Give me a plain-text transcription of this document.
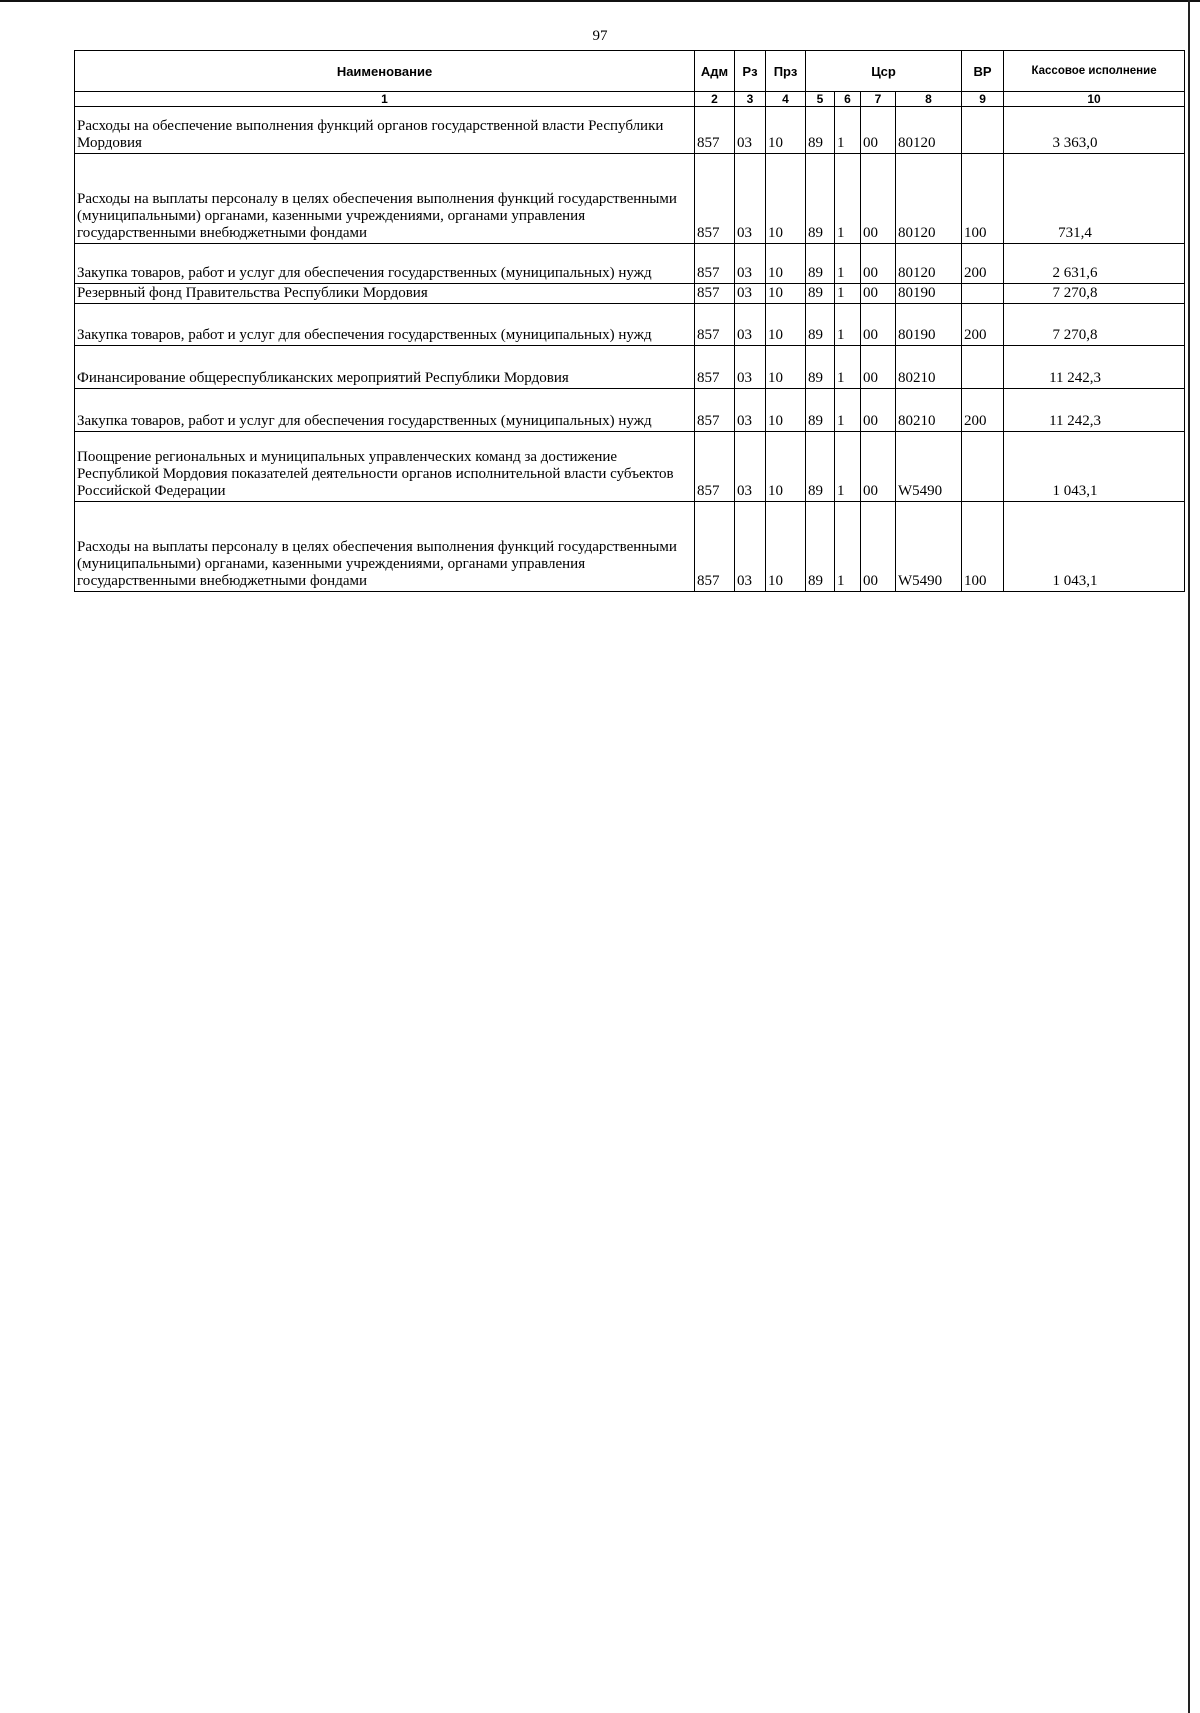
97
Наименование	Адм	Рз	Прз	Цср				ВР	Кассовое исполнение
1	2	3	4	5	6	7	8	9	10
Расходы на обеспечение выполнения функций органов государственной власти Республики Мордовия	857	03	10	89	1	00	80120		3 363,0
Расходы на выплаты персоналу в целях обеспечения выполнения функций государственными (муниципальными) органами, казенными учреждениями, органами управления государственными внебюджетными фондами	857	03	10	89	1	00	80120	100	731,4
Закупка товаров, работ и услуг для обеспечения государственных (муниципальных) нужд	857	03	10	89	1	00	80120	200	2 631,6
Резервный фонд Правительства Республики Мордовия	857	03	10	89	1	00	80190		7 270,8
Закупка товаров, работ и услуг для обеспечения государственных (муниципальных) нужд	857	03	10	89	1	00	80190	200	7 270,8
Финансирование общереспубликанских мероприятий Республики Мордовия	857	03	10	89	1	00	80210		11 242,3
Закупка товаров, работ и услуг для обеспечения государственных (муниципальных) нужд	857	03	10	89	1	00	80210	200	11 242,3
Поощрение региональных и муниципальных управленческих команд за достижение Республикой Мордовия показателей деятельности органов исполнительной власти субъектов Российской Федерации	857	03	10	89	1	00	W5490		1 043,1
Расходы на выплаты персоналу в целях обеспечения выполнения функций государственными (муниципальными) органами, казенными учреждениями, органами управления государственными внебюджетными фондами	857	03	10	89	1	00	W5490	100	1 043,1
